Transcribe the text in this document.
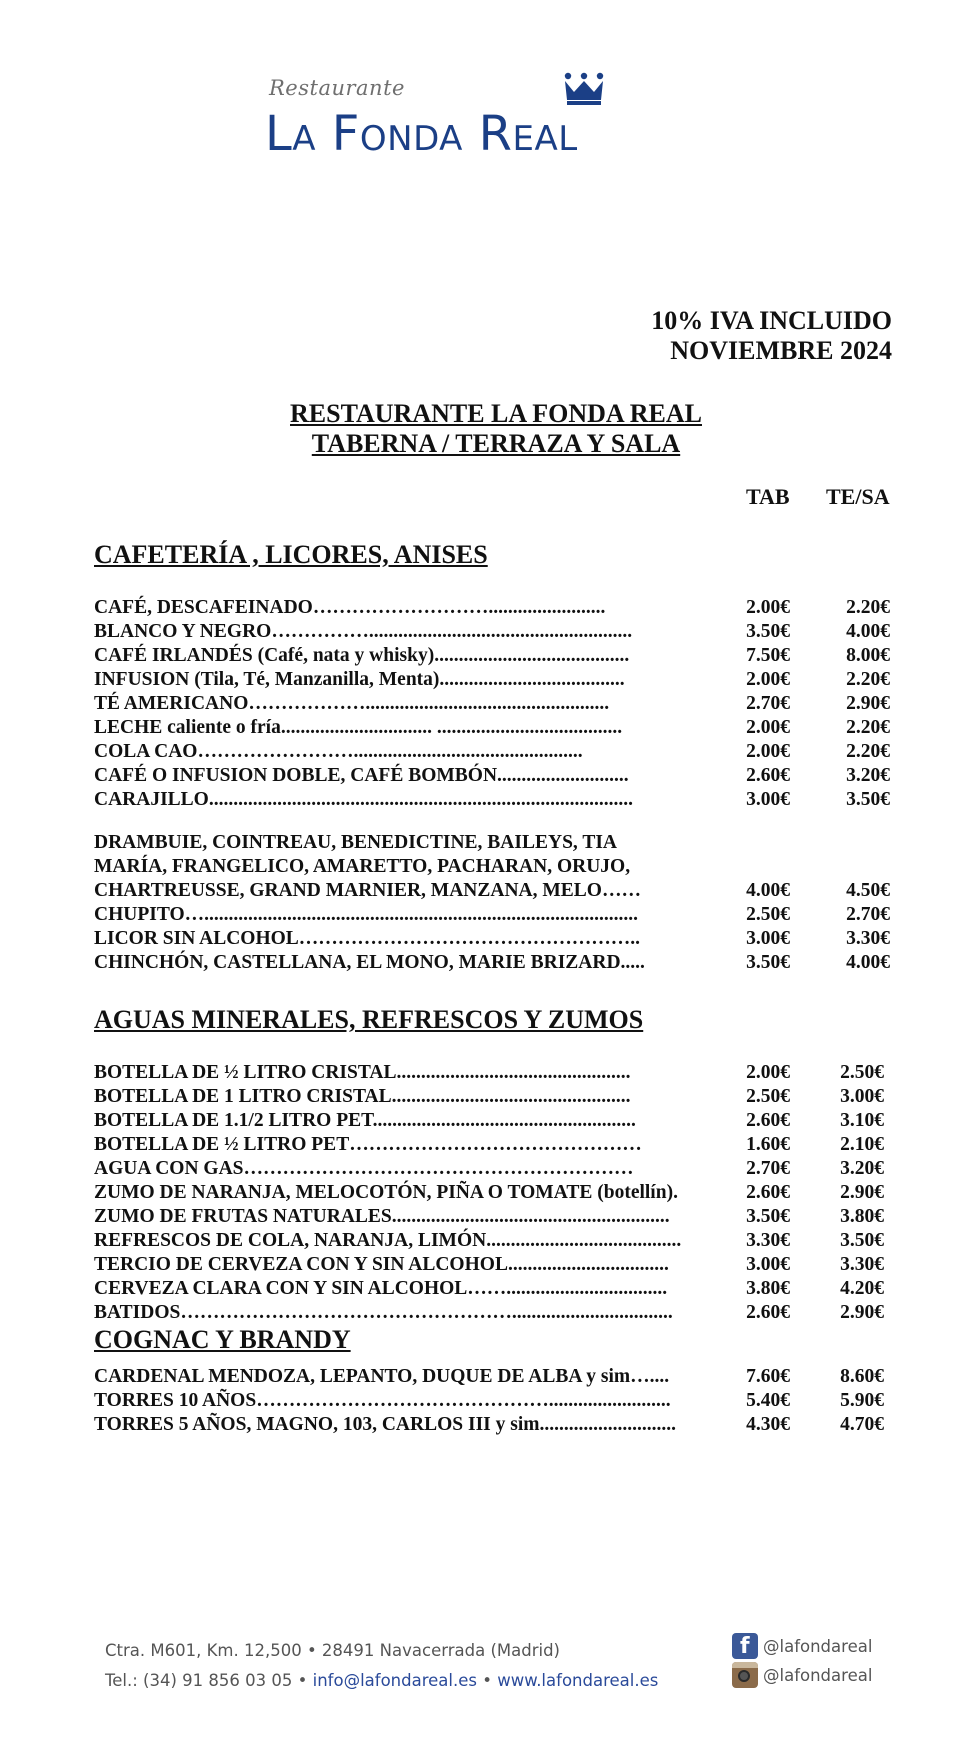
Restaurante
La Fonda Real
10% IVA INCLUIDO
NOVIEMBRE 2024
RESTAURANTE LA FONDA REAL
TABERNA / TERRAZA Y SALA
TAB TE/SA
CAFETERÍA , LICORES, ANISES
CAFÉ, DESCAFEINADO………………………........................	2.00€	2.20€
BLANCO Y NEGRO……………......................................................	3.50€	4.00€
CAFÉ IRLANDÉS (Café, nata y whisky)........................................	7.50€	8.00€
INFUSION (Tila, Té, Manzanilla, Menta)......................................	2.00€	2.20€
TÉ AMERICANO………………..................................................	2.70€	2.90€
LECHE caliente o fría............................... ......................................	2.00€	2.20€
COLA CAO……………………...............................................	2.00€	2.20€
CAFÉ O INFUSION DOBLE, CAFÉ BOMBÓN...........................	2.60€	3.20€
CARAJILLO.......................................................................................	3.00€	3.50€
DRAMBUIE, COINTREAU, BENEDICTINE, BAILEYS, TIA
MARÍA, FRANGELICO, AMARETTO, PACHARAN, ORUJO,
CHARTREUSSE, GRAND MARNIER, MANZANA, MELO……	4.00€	4.50€
CHUPITO….........................................................................................	2.50€	2.70€
LICOR SIN ALCOHOL……………………………………………..	3.00€	3.30€
CHINCHÓN, CASTELLANA, EL MONO, MARIE BRIZARD.....	3.50€	4.00€
AGUAS MINERALES, REFRESCOS Y ZUMOS
BOTELLA DE ½ LITRO CRISTAL................................................	2.00€	2.50€
BOTELLA DE 1 LITRO CRISTAL.................................................	2.50€	3.00€
BOTELLA DE 1.1/2 LITRO PET......................................................	2.60€	3.10€
BOTELLA DE ½ LITRO PET………………………………………	1.60€	2.10€
AGUA CON GAS……………………………………………………	2.70€	3.20€
ZUMO DE NARANJA, MELOCOTÓN, PIÑA O TOMATE (botellín).	2.60€	2.90€
ZUMO DE FRUTAS NATURALES.........................................................	3.50€	3.80€
REFRESCOS DE COLA, NARANJA, LIMÓN........................................	3.30€	3.50€
TERCIO DE CERVEZA CON Y SIN ALCOHOL.................................	3.00€	3.30€
CERVEZA CLARA CON Y SIN ALCOHOL…….................................	3.80€	4.20€
BATIDOS…………………………………………….................................	2.60€	2.90€
COGNAC Y BRANDY
CARDENAL MENDOZA, LEPANTO, DUQUE DE ALBA y sim…....	7.60€	8.60€
TORRES 10 AÑOS……………………………………….........................	5.40€	5.90€
TORRES 5 AÑOS, MAGNO, 103, CARLOS III y sim............................	4.30€	4.70€
Ctra. M601, Km. 12,500 • 28491 Navacerrada (Madrid)
Tel.: (34) 91 856 03 05 • info@lafondareal.es • www.lafondareal.es
f
@lafondareal
@lafondareal
